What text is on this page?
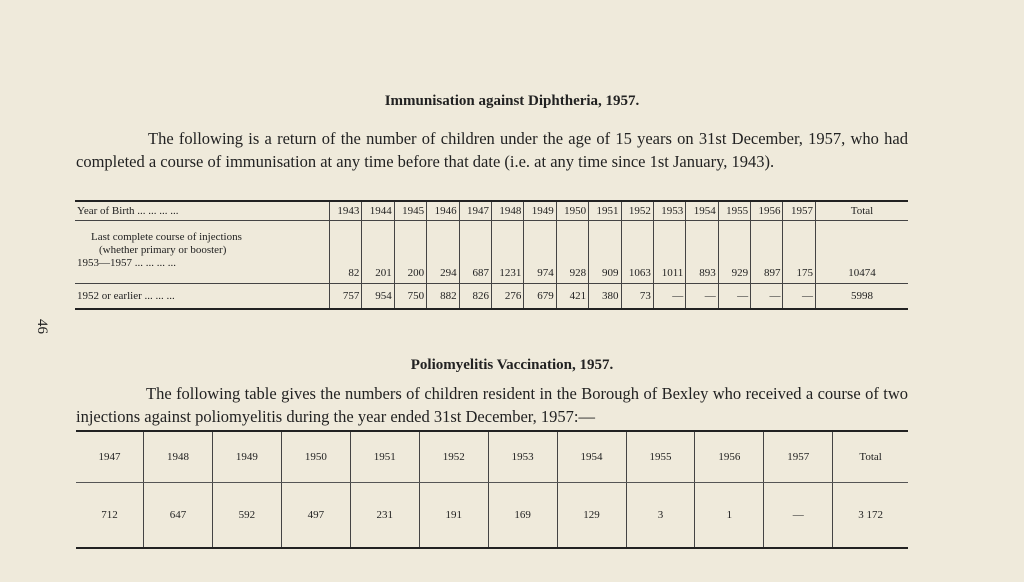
46
Immunisation against Diphtheria, 1957.
The following is a return of the number of children under the age of 15 years on 31st December, 1957, who had completed a course of immunisation at any time before that date (i.e. at any time since 1st January, 1943).
Year of Birth ... ... ... ...	1943	1944	1945	1946	1947	1948	1949	1950	1951	1952	1953	1954	1955	1956	1957	Total

Last complete course of injections
(whether primary or booster)
1953—1957 ... ... ... ...	82	201	200	294	687	1231	974	928	909	1063	1011	893	929	897	175	10474
1952 or earlier ... ... ...	757	954	750	882	826	276	679	421	380	73	—	—	—	—	—	5998
Poliomyelitis Vaccination, 1957.
The following table gives the numbers of children resident in the Borough of Bexley who received a course of two injections against poliomyelitis during the year ended 31st December, 1957:—
1947	1948	1949	1950	1951	1952	1953	1954	1955	1956	1957	Total
712	647	592	497	231	191	169	129	3	1	—	3 172
